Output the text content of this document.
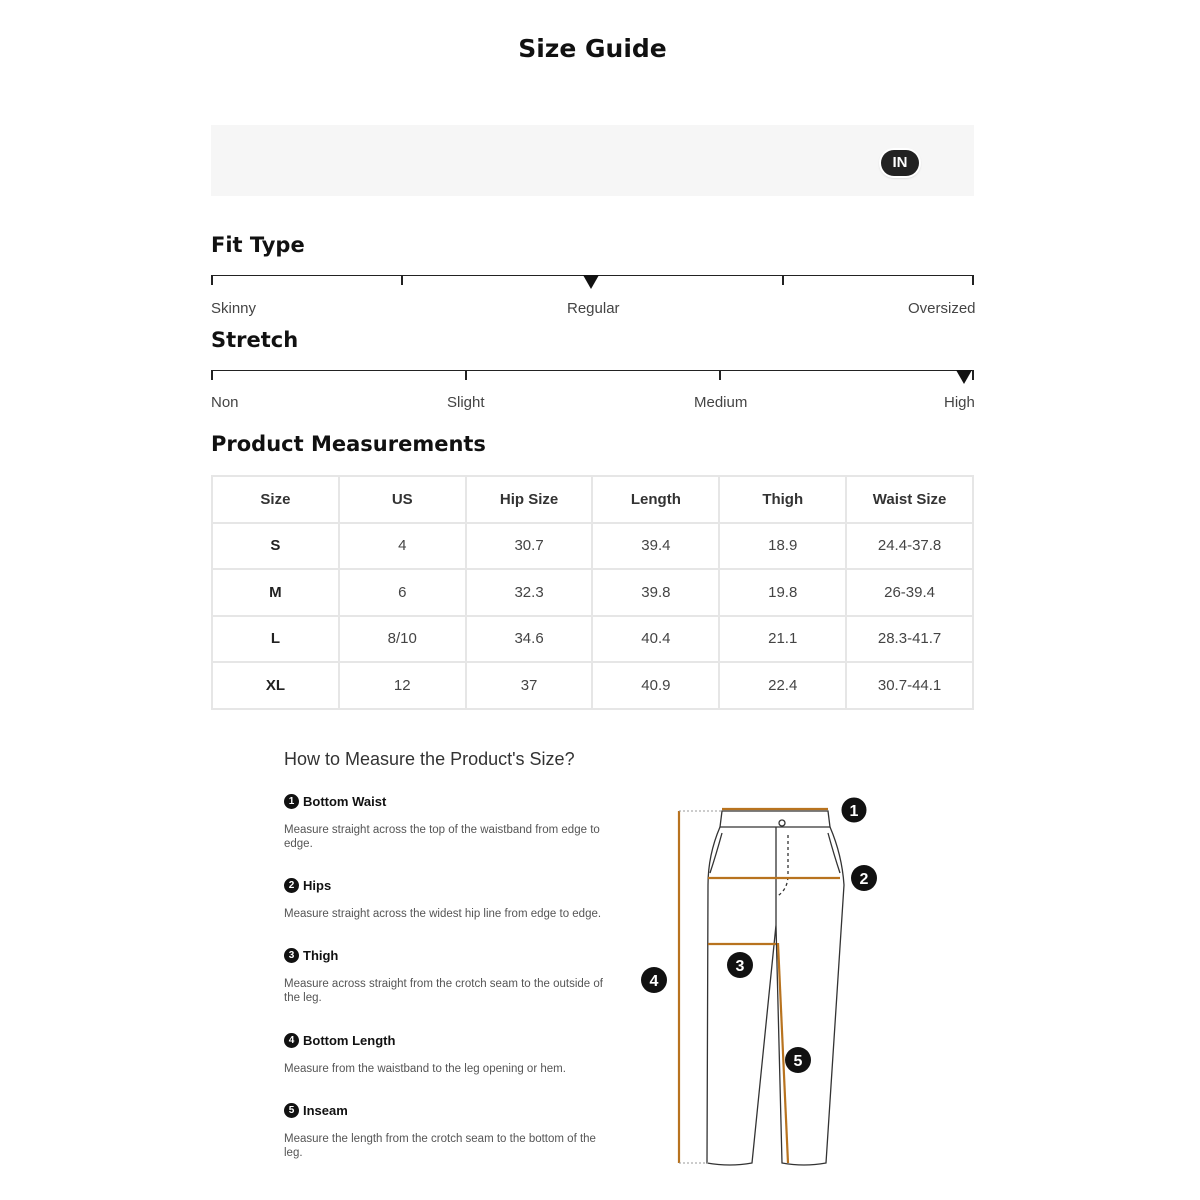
Size Guide
IN
Fit Type
Skinny	Regular	Oversized
Stretch
Non	Slight	Medium	High
Product Measurements
Size	US	Hip Size	Length	Thigh	Waist Size
S	4	30.7	39.4	18.9	24.4-37.8
M	6	32.3	39.8	19.8	26-39.4
L	8/10	34.6	40.4	21.1	28.3-41.7
XL	12	37	40.9	22.4	30.7-44.1
How to Measure the Product's Size?
1 Bottom Waist
Measure straight across the top of the waistband from edge to edge.
2 Hips
Measure straight across the widest hip line from edge to edge.
3 Thigh
Measure across straight from the crotch seam to the outside of the leg.
4 Bottom Length
Measure from the waistband to the leg opening or hem.
5 Inseam
Measure the length from the crotch seam to the bottom of the leg.
1
2
3
4
5
